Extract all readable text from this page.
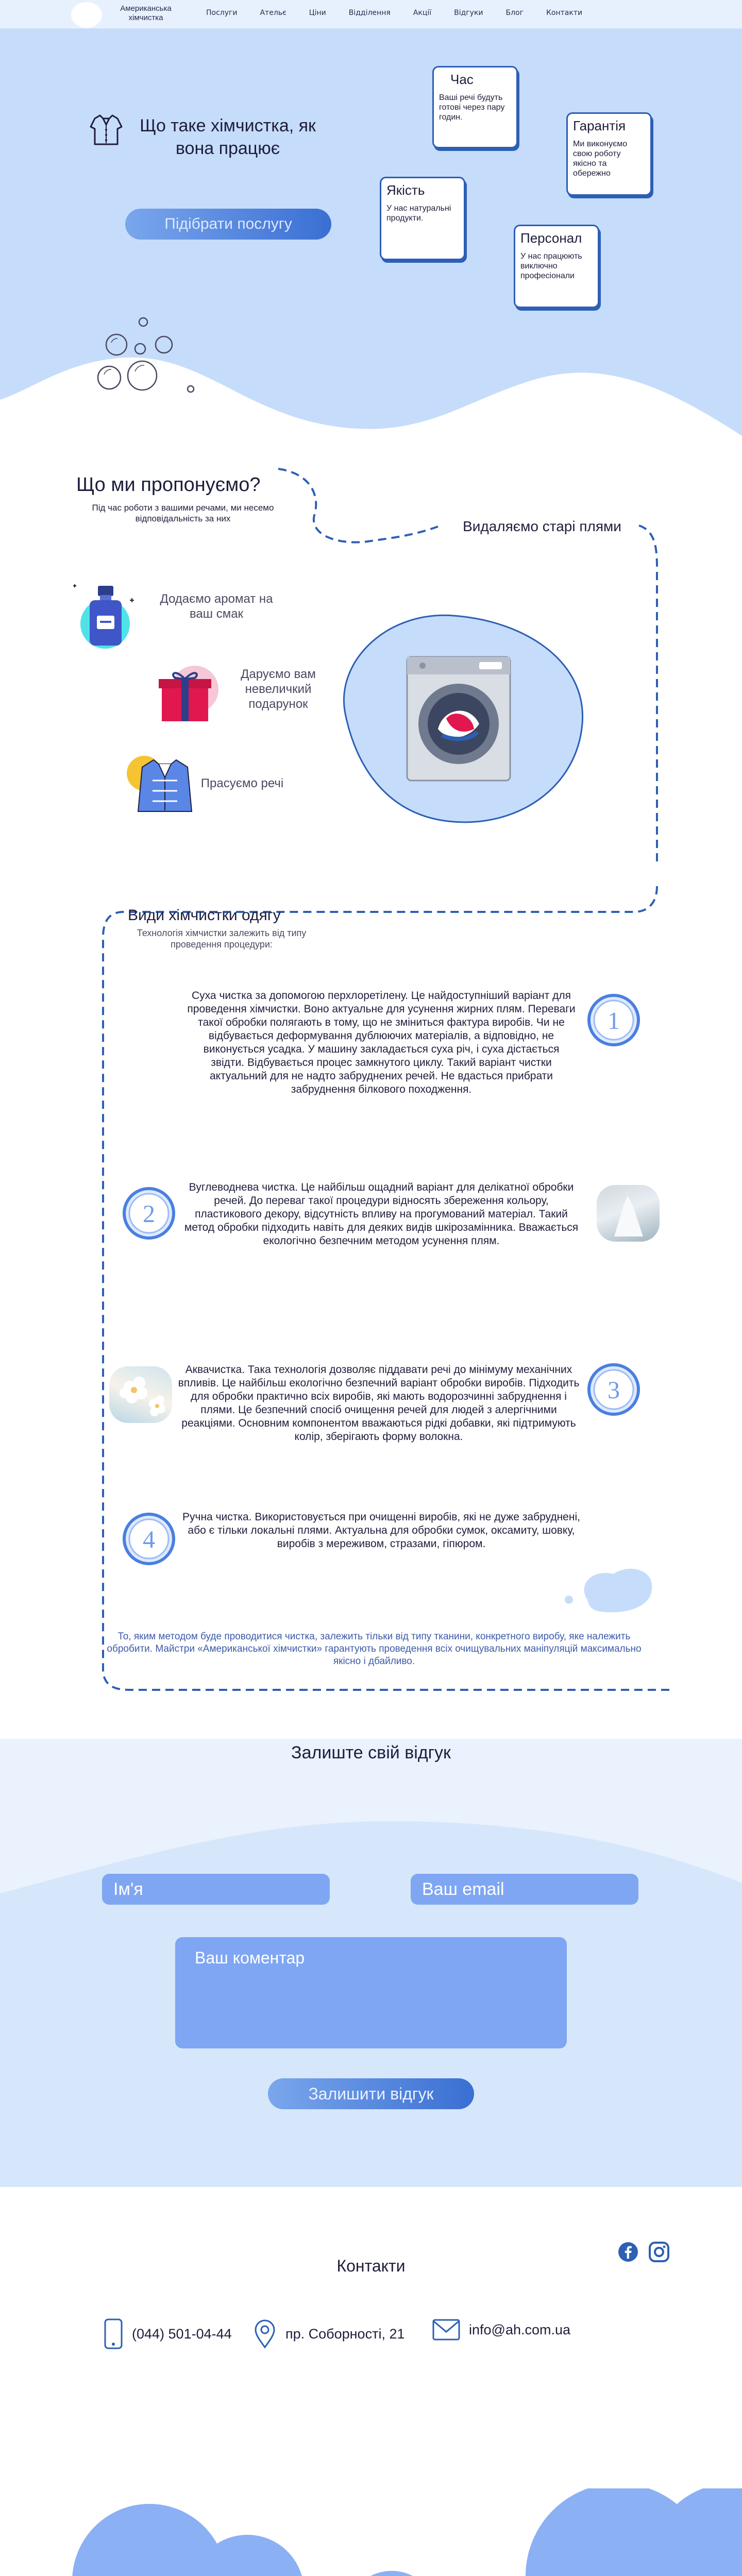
Американська хімчистка
Послуги	Ательє	Ціни	Відділення	Акції	Відгуки	Блог	Контакти
Що таке хімчистка, як вона працює
Підібрати послугу
Час
Ваші речі будуть готові через пару годин.
Гарантія
Ми виконуємо свою роботу якісно та обережно
Якість
У нас натуральні продукти.
Персонал
У нас працюють виключно професіонали
Що ми пропонуємо?
Під час роботи з вашими речами, ми несемо відповідальність за них	Видаляємо старі плями
Додаємо аромат на ваш смак
Даруємо вам невеличкий подарунок
Прасуємо речі
Види хімчистки одягу
Технологія хімчистки залежить від типу проведення процедури:
Суха чистка за допомогою перхлоретілену. Це найдоступніший варіант для проведення хімчистки. Воно актуальне для усунення жирних плям. Переваги такої обробки полягають в тому, що не зміниться фактура виробів. Чи не відбувається деформування дублюючих матеріалів, а відповідно, не виконується усадка. У машину закладається суха річ, і суха дістається звідти. Відбувається процес замкнутого циклу. Такий варіант чистки актуальний для не надто забруднених речей. Не вдасться прибрати забруднення білкового походження.
1
2
Вуглеводнева чистка. Це найбільш ощадний варіант для делікатної обробки речей. До переваг такої процедури відносять збереження кольору, пластикового декору, відсутність впливу на прогумований матеріал. Такий метод обробки підходить навіть для деяких видів шкірозамінника. Вважається екологічно безпечним методом усунення плям.
Аквачистка. Така технологія дозволяє піддавати речі до мінімуму механічних впливів. Це найбільш екологічно безпечний варіант обробки виробів. Підходить для обробки практично всіх виробів, які мають водорозчинні забруднення і плями. Це безпечний спосіб очищення речей для людей з алергічними реакціями. Основним компонентом вважаються рідкі добавки, які підтримують колір, зберігають форму волокна.
3
4
Ручна чистка. Використовується при очищенні виробів, які не дуже забруднені, або є тільки локальні плями. Актуальна для обробки сумок, оксамиту, шовку, виробів з мереживом, стразами, гіпюром.
То, яким методом буде проводитися чистка, залежить тільки від типу тканини, конкретного виробу, яке належить обробити. Майстри «Американської хімчистки» гарантують проведення всіх очищувальних маніпуляцій максимально якісно і дбайливо.
Залиште свій відгук
Ім'я
Ваш email
Ваш коментар
Залишити відгук
Контакти
(044) 501-04-44	пр. Соборності, 21	info@ah.com.ua
